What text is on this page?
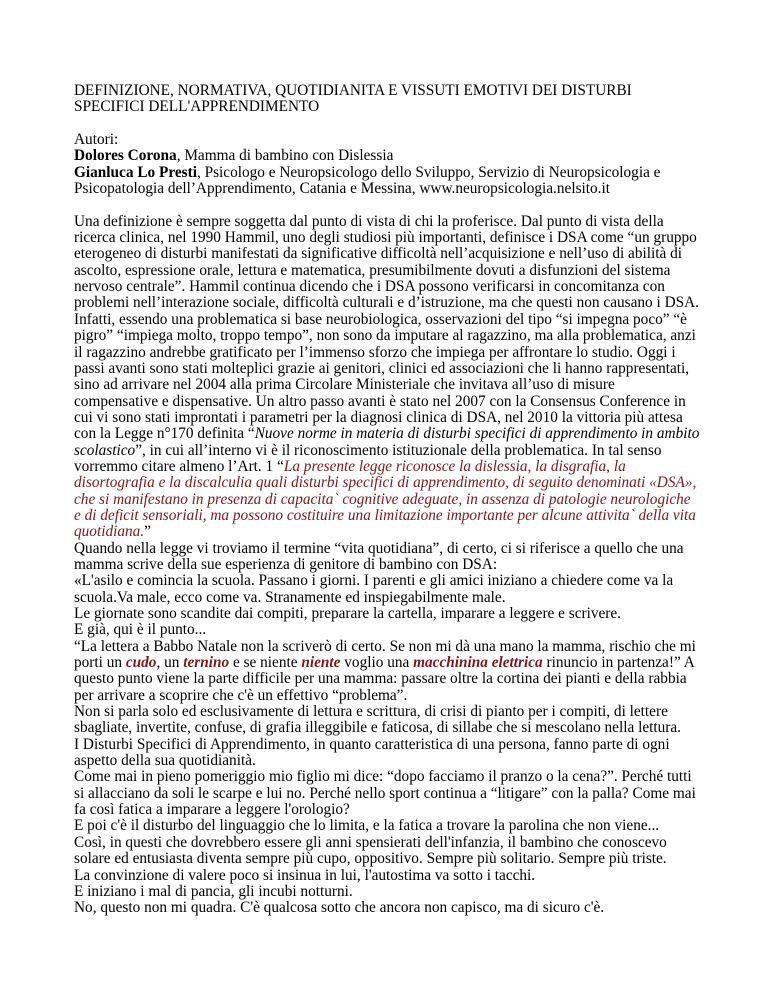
DEFINIZIONE, NORMATIVA, QUOTIDIANITA E VISSUTI EMOTIVI DEI DISTURBI SPECIFICI DELL'APPRENDIMENTO

Autori:

Dolores Corona, Mamma di bambino con Dislessia

Gianluca Lo Presti, Psicologo e Neuropsicologo dello Sviluppo, Servizio di Neuropsicologia e Psicopatologia dell’Apprendimento, Catania e Messina, www.neuropsicologia.nelsito.it

Una definizione è sempre soggetta dal punto di vista di chi la proferisce. Dal punto di vista della ricerca clinica, nel 1990 Hammil, uno degli studiosi più importanti, definisce i DSA come “un gruppo eterogeneo di disturbi manifestati da significative difficoltà nell’acquisizione e nell’uso di abilità di ascolto, espressione orale, lettura e matematica, presumibilmente dovuti a disfunzioni del sistema nervoso centrale”. Hammil continua dicendo che i DSA possono verificarsi in concomitanza con problemi nell’interazione sociale, difficoltà culturali e d’istruzione, ma che questi non causano i DSA. Infatti, essendo una problematica si base neurobiologica, osservazioni del tipo “si impegna poco” “è pigro” “impiega molto, troppo tempo”, non sono da imputare al ragazzino, ma alla problematica, anzi il ragazzino andrebbe gratificato per l’immenso sforzo che impiega per affrontare lo studio. Oggi i passi avanti sono stati molteplici grazie ai genitori, clinici ed associazioni che li hanno rappresentati, sino ad arrivare nel 2004 alla prima Circolare Ministeriale che invitava all’uso di misure compensative e dispensative. Un altro passo avanti è stato nel 2007 con la Consensus Conference in cui vi sono stati improntati i parametri per la diagnosi clinica di DSA, nel 2010 la vittoria più attesa con la Legge n°170 definita “Nuove norme in materia di disturbi specifici di apprendimento in ambito scolastico”, in cui all’interno vi è il riconoscimento istituzionale della problematica. In tal senso vorremmo citare almeno l’Art. 1 “La presente legge riconosce la dislessia, la disgrafia, la disortografia e la discalculia quali disturbi specifici di apprendimento, di seguito denominati «DSA», che si manifestano in presenza di capacita` cognitive adeguate, in assenza di patologie neurologiche e di deficit sensoriali, ma possono costituire una limitazione importante per alcune attivita` della vita quotidiana.”

Quando nella legge vi troviamo il termine “vita quotidiana”, di certo, ci si riferisce a quello che una mamma scrive della sue esperienza di genitore di bambino con DSA:

«L'asilo e comincia la scuola. Passano i giorni. I parenti e gli amici iniziano a chiedere come va la scuola.Va male, ecco come va. Stranamente ed inspiegabilmente male.

Le giornate sono scandite dai compiti, preparare la cartella, imparare a leggere e scrivere.

E già, qui è il punto...

“La lettera a Babbo Natale non la scriverò di certo. Se non mi dà una mano la mamma, rischio che mi porti un cudo, un ternino e se niente niente voglio una macchinina elettrica rinuncio in partenza!” A questo punto viene la parte difficile per una mamma: passare oltre la cortina dei pianti e della rabbia per arrivare a scoprire che c'è un effettivo “problema”.

Non si parla solo ed esclusivamente di lettura e scrittura, di crisi di pianto per i compiti, di lettere sbagliate, invertite, confuse, di grafia illeggibile e faticosa, di sillabe che si mescolano nella lettura.

I Disturbi Specifici di Apprendimento, in quanto caratteristica di una persona, fanno parte di ogni aspetto della sua quotidianità.

Come mai in pieno pomeriggio mio figlio mi dice: “dopo facciamo il pranzo o la cena?”. Perché tutti si allacciano da soli le scarpe e lui no. Perché nello sport continua a “litigare” con la palla? Come mai fa così fatica a imparare a leggere l'orologio?

E poi c'è il disturbo del linguaggio che lo limita, e la fatica a trovare la parolina che non viene...

Così, in questi che dovrebbero essere gli anni spensierati dell'infanzia, il bambino che conoscevo solare ed entusiasta diventa sempre più cupo, oppositivo. Sempre più solitario. Sempre più triste.

La convinzione di valere poco si insinua in lui, l'autostima va sotto i tacchi.

E iniziano i mal di pancia, gli incubi notturni.

No, questo non mi quadra. C'è qualcosa sotto che ancora non capisco, ma di sicuro c'è.
